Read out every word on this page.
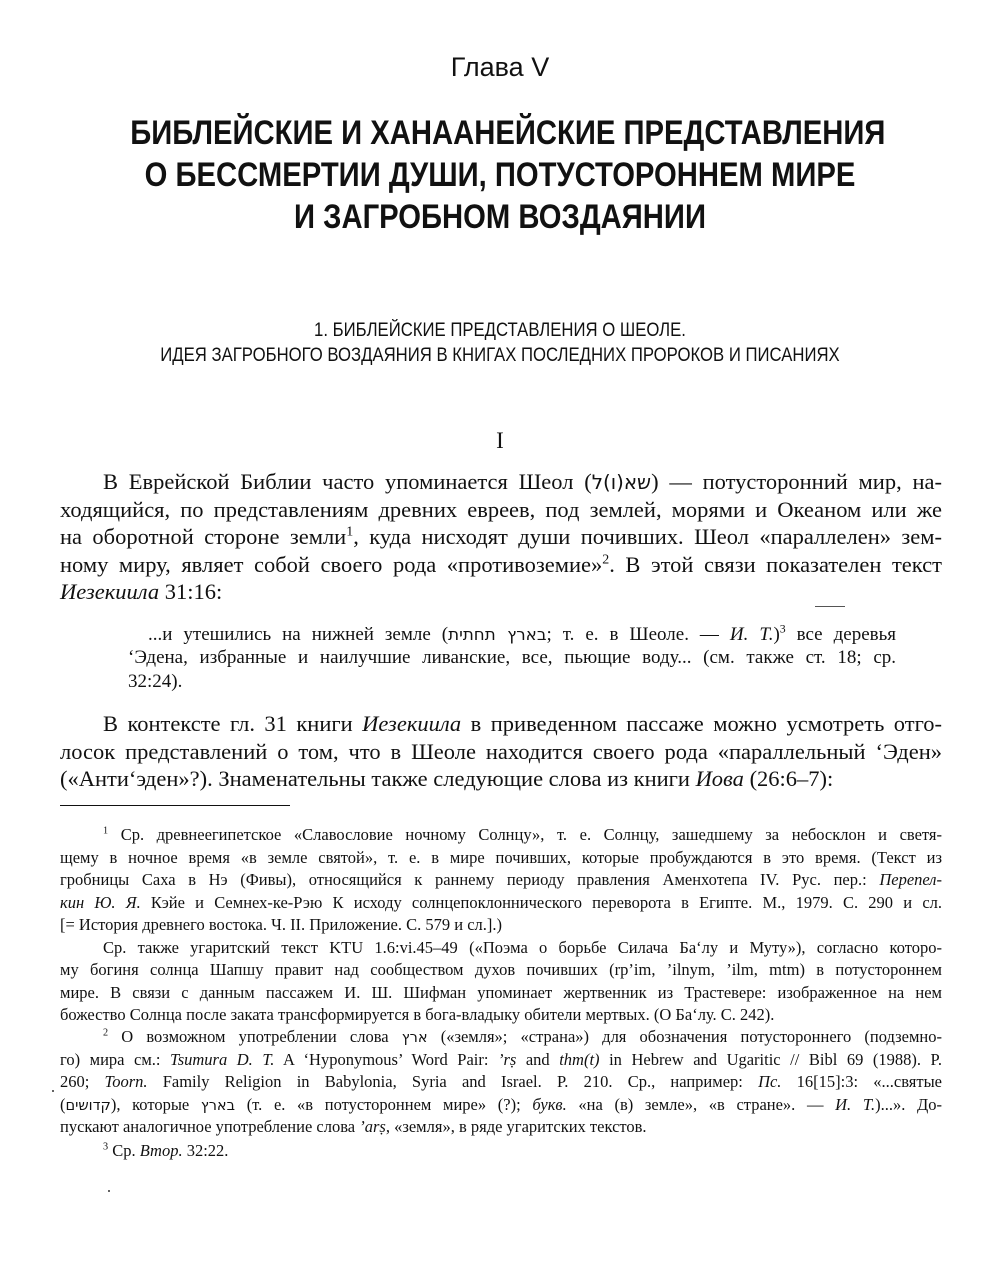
Глава V
БИБЛЕЙСКИЕ И ХАНААНЕЙСКИЕ ПРЕДСТАВЛЕНИЯ
О БЕССМЕРТИИ ДУШИ, ПОТУСТОРОННЕМ МИРЕ
И ЗАГРОБНОМ ВОЗДАЯНИИ
1. БИБЛЕЙСКИЕ ПРЕДСТАВЛЕНИЯ О ШЕОЛЕ.
ИДЕЯ ЗАГРОБНОГО ВОЗДАЯНИЯ В КНИГАХ ПОСЛЕДНИХ ПРОРОКОВ И ПИСАНИЯХ
I
В Еврейской Библии часто упоминается Шеол (שא(ו)ל) — потусторонний мир, на-
ходящийся, по представлениям древних евреев, под землей, морями и Океаном или же
на оборотной стороне земли$^1$, куда нисходят души почивших. Шеол «параллелен» зем-
ному миру, являет собой своего рода «противоземие»$^2$. В этой связи показателен текст
Иезекиила 31:16:
...и утешились на нижней земле (בארץ תחתית; т. е. в Шеоле. — И. Т.)$^3$ все деревья
‘Эдена, избранные и наилучшие ливанские, все, пьющие воду... (см. также ст. 18; ср.
32:24).
В контексте гл. 31 книги Иезекиила в приведенном пассаже можно усмотреть отго-
лосок представлений о том, что в Шеоле находится своего рода «параллельный ‘Эден»
(«Анти‘эден»?). Знаменательны также следующие слова из книги Иова (26:6–7):
$^1$ Ср. древнеегипетское «Славословие ночному Солнцу», т. е. Солнцу, зашедшему за небосклон и светя-
щему в ночное время «в земле святой», т. е. в мире почивших, которые пробуждаются в это время. (Текст из
гробницы Саха в Нэ (Фивы), относящийся к раннему периоду правления Аменхотепа IV. Рус. пер.: Перепел-
кин Ю. Я. Кэйе и Семнех-ке-Рэю К исходу солнцепоклоннического переворота в Египте. М., 1979. С. 290 и сл.
[= История древнего востока. Ч. II. Приложение. С. 579 и сл.].)
Ср. также угаритский текст KTU 1.6:vi.45–49 («Поэма о борьбе Силача Ба‘лу и Муту»), согласно которо-
му богиня солнца Шапшу правит над сообществом духов почивших (rp’im, ’ilnym, ’ilm, mtm) в потустороннем
мире. В связи с данным пассажем И. Ш. Шифман упоминает жертвенник из Трастевере: изображенное на нем
божество Солнца после заката трансформируется в бога-владыку обители мертвых. (О Ба‘лу. С. 242).
$^2$ О возможном употреблении слова ארץ («земля»; «страна») для обозначения потустороннего (подземно-
го) мира см.: Tsumura D. T. A ‘Hyponymous’ Word Pair: ’rṣ and thm(t) in Hebrew and Ugaritic // Bibl 69 (1988). P.
260; Toorn. Family Religion in Babylonia, Syria and Israel. P. 210. Ср., например: Пс. 16[15]:3: «...святые
(קדושים), которые בארץ (т. е. «в потустороннем мире» (?); букв. «на (в) земле», «в стране». — И. Т.)...». До-
пускают аналогичное употребление слова ’arṣ, «земля», в ряде угаритских текстов.
$^3$ Ср. Втор. 32:22.
